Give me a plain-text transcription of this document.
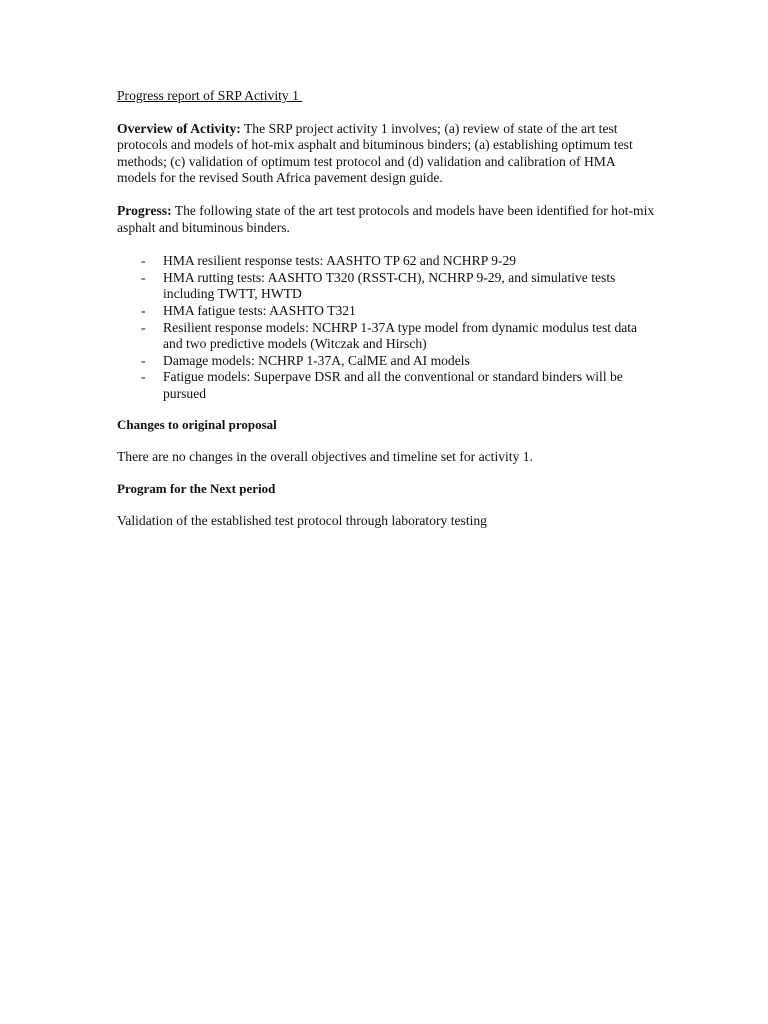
Progress report of SRP Activity 1

Overview of Activity: The SRP project activity 1 involves; (a) review of state of the art test protocols and models of hot-mix asphalt and bituminous binders; (a) establishing optimum test methods; (c) validation of optimum test protocol and (d) validation and calibration of HMA models for the revised South Africa pavement design guide.

Progress: The following state of the art test protocols and models have been identified for hot-mix asphalt and bituminous binders.

- HMA resilient response tests: AASHTO TP 62 and NCHRP 9-29
- HMA rutting tests: AASHTO T320 (RSST-CH), NCHRP 9-29, and simulative tests including TWTT, HWTD
- HMA fatigue tests: AASHTO T321
- Resilient response models: NCHRP 1-37A type model from dynamic modulus test data and two predictive models (Witczak and Hirsch)
- Damage models: NCHRP 1-37A, CalME and AI models
- Fatigue models: Superpave DSR and all the conventional or standard binders will be pursued

Changes to original proposal

There are no changes in the overall objectives and timeline set for activity 1.

Program for the Next period

Validation of the established test protocol through laboratory testing
